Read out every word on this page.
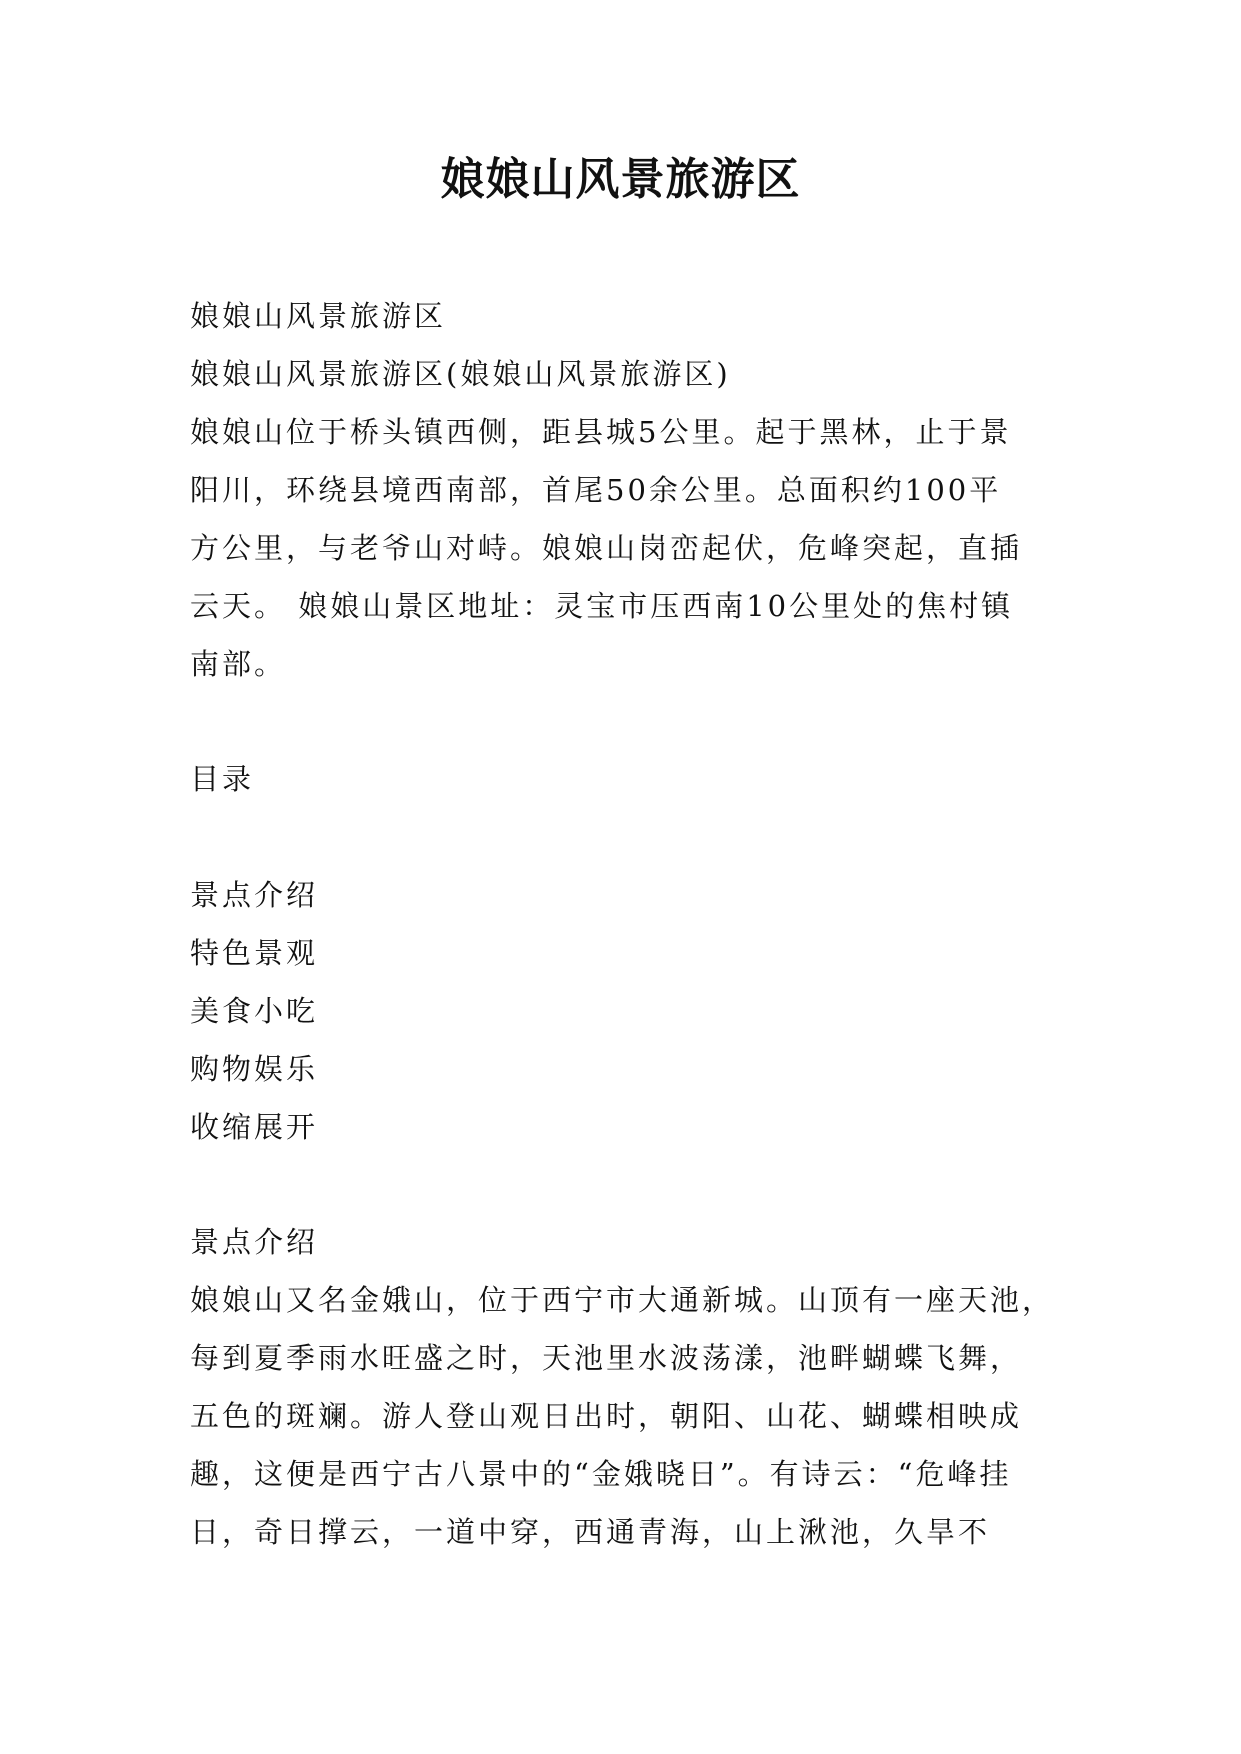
娘娘山风景旅游区
娘娘山风景旅游区
娘娘山风景旅游区(娘娘山风景旅游区)
娘娘山位于桥头镇西侧，距县城5公里。起于黑林，止于景
阳川，环绕县境西南部，首尾50余公里。总面积约100平
方公里，与老爷山对峙。娘娘山岗峦起伏，危峰突起，直插
云天。 娘娘山景区地址：灵宝市压西南10公里处的焦村镇
南部。
目录
景点介绍
特色景观
美食小吃
购物娱乐
收缩展开
景点介绍
娘娘山又名金娥山，位于西宁市大通新城。山顶有一座天池，
每到夏季雨水旺盛之时，天池里水波荡漾，池畔蝴蝶飞舞，
五色的斑斓。游人登山观日出时，朝阳、山花、蝴蝶相映成
趣，这便是西宁古八景中的“金娥晓日”。有诗云：“危峰挂
日，奇日撑云，一道中穿，西通青海，山上湫池，久旱不
